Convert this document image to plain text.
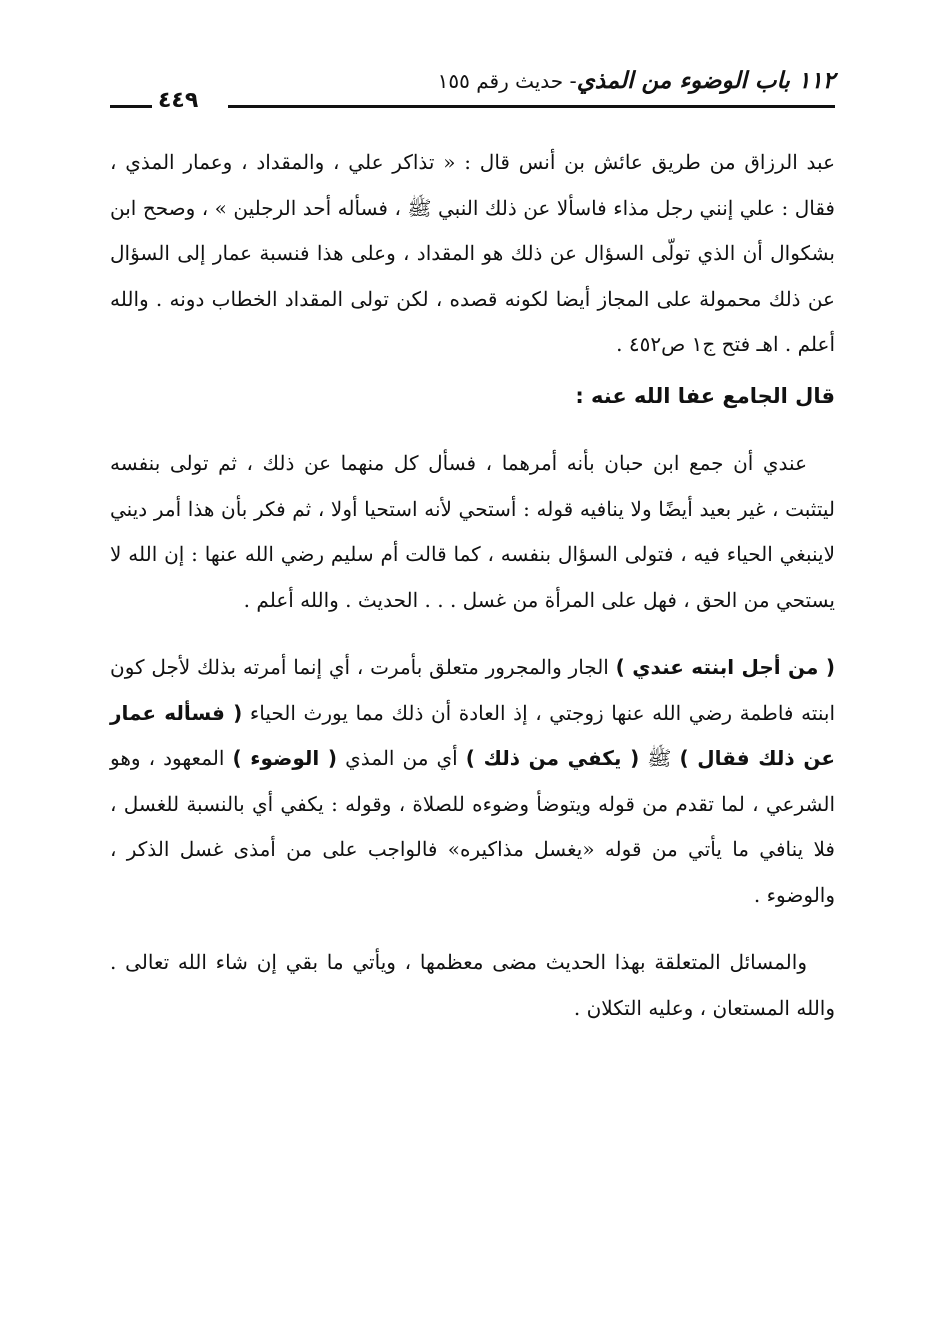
١١٢ باب الوضوء من المذي- حديث رقم ١٥٥
٤٤٩

عبد الرزاق من طريق عائش بن أنس قال : « تذاكر علي ، والمقداد ، وعمار المذي ، فقال : علي إنني رجل مذاء فاسألا عن ذلك النبي ﷺ ، فسأله أحد الرجلين » ، وصحح ابن بشكوال أن الذي تولّى السؤال عن ذلك هو المقداد ، وعلى هذا فنسبة عمار إلى السؤال عن ذلك محمولة على المجاز أيضا لكونه قصده ، لكن تولى المقداد الخطاب دونه . والله أعلم . اهـ فتح ج١ ص٤٥٢ .

قال الجامع عفا الله عنه :

عندي أن جمع ابن حبان بأنه أمرهما ، فسأل كل منهما عن ذلك ، ثم تولى بنفسه ليتثبت ، غير بعيد أيضًا ولا ينافيه قوله : أستحي لأنه استحيا أولا ، ثم فكر بأن هذا أمر ديني لاينبغي الحياء فيه ، فتولى السؤال بنفسه ، كما قالت أم سليم رضي الله عنها : إن الله لا يستحي من الحق ، فهل على المرأة من غسل . . . الحديث . والله أعلم .

( من أجل ابنته عندي ) الجار والمجرور متعلق بأمرت ، أي إنما أمرته بذلك لأجل كون ابنته فاطمة رضي الله عنها زوجتي ، إذ العادة أن ذلك مما يورث الحياء ( فسأله عمار عن ذلك فقال ) ﷺ ( يكفي من ذلك ) أي من المذي ( الوضوء ) المعهود ، وهو الشرعي ، لما تقدم من قوله ويتوضأ وضوءه للصلاة ، وقوله : يكفي أي بالنسبة للغسل ، فلا ينافي ما يأتي من قوله «يغسل مذاكيره» فالواجب على من أمذى غسل الذكر ، والوضوء .

والمسائل المتعلقة بهذا الحديث مضى معظمها ، ويأتي ما بقي إن شاء الله تعالى . والله المستعان ، وعليه التكلان .
